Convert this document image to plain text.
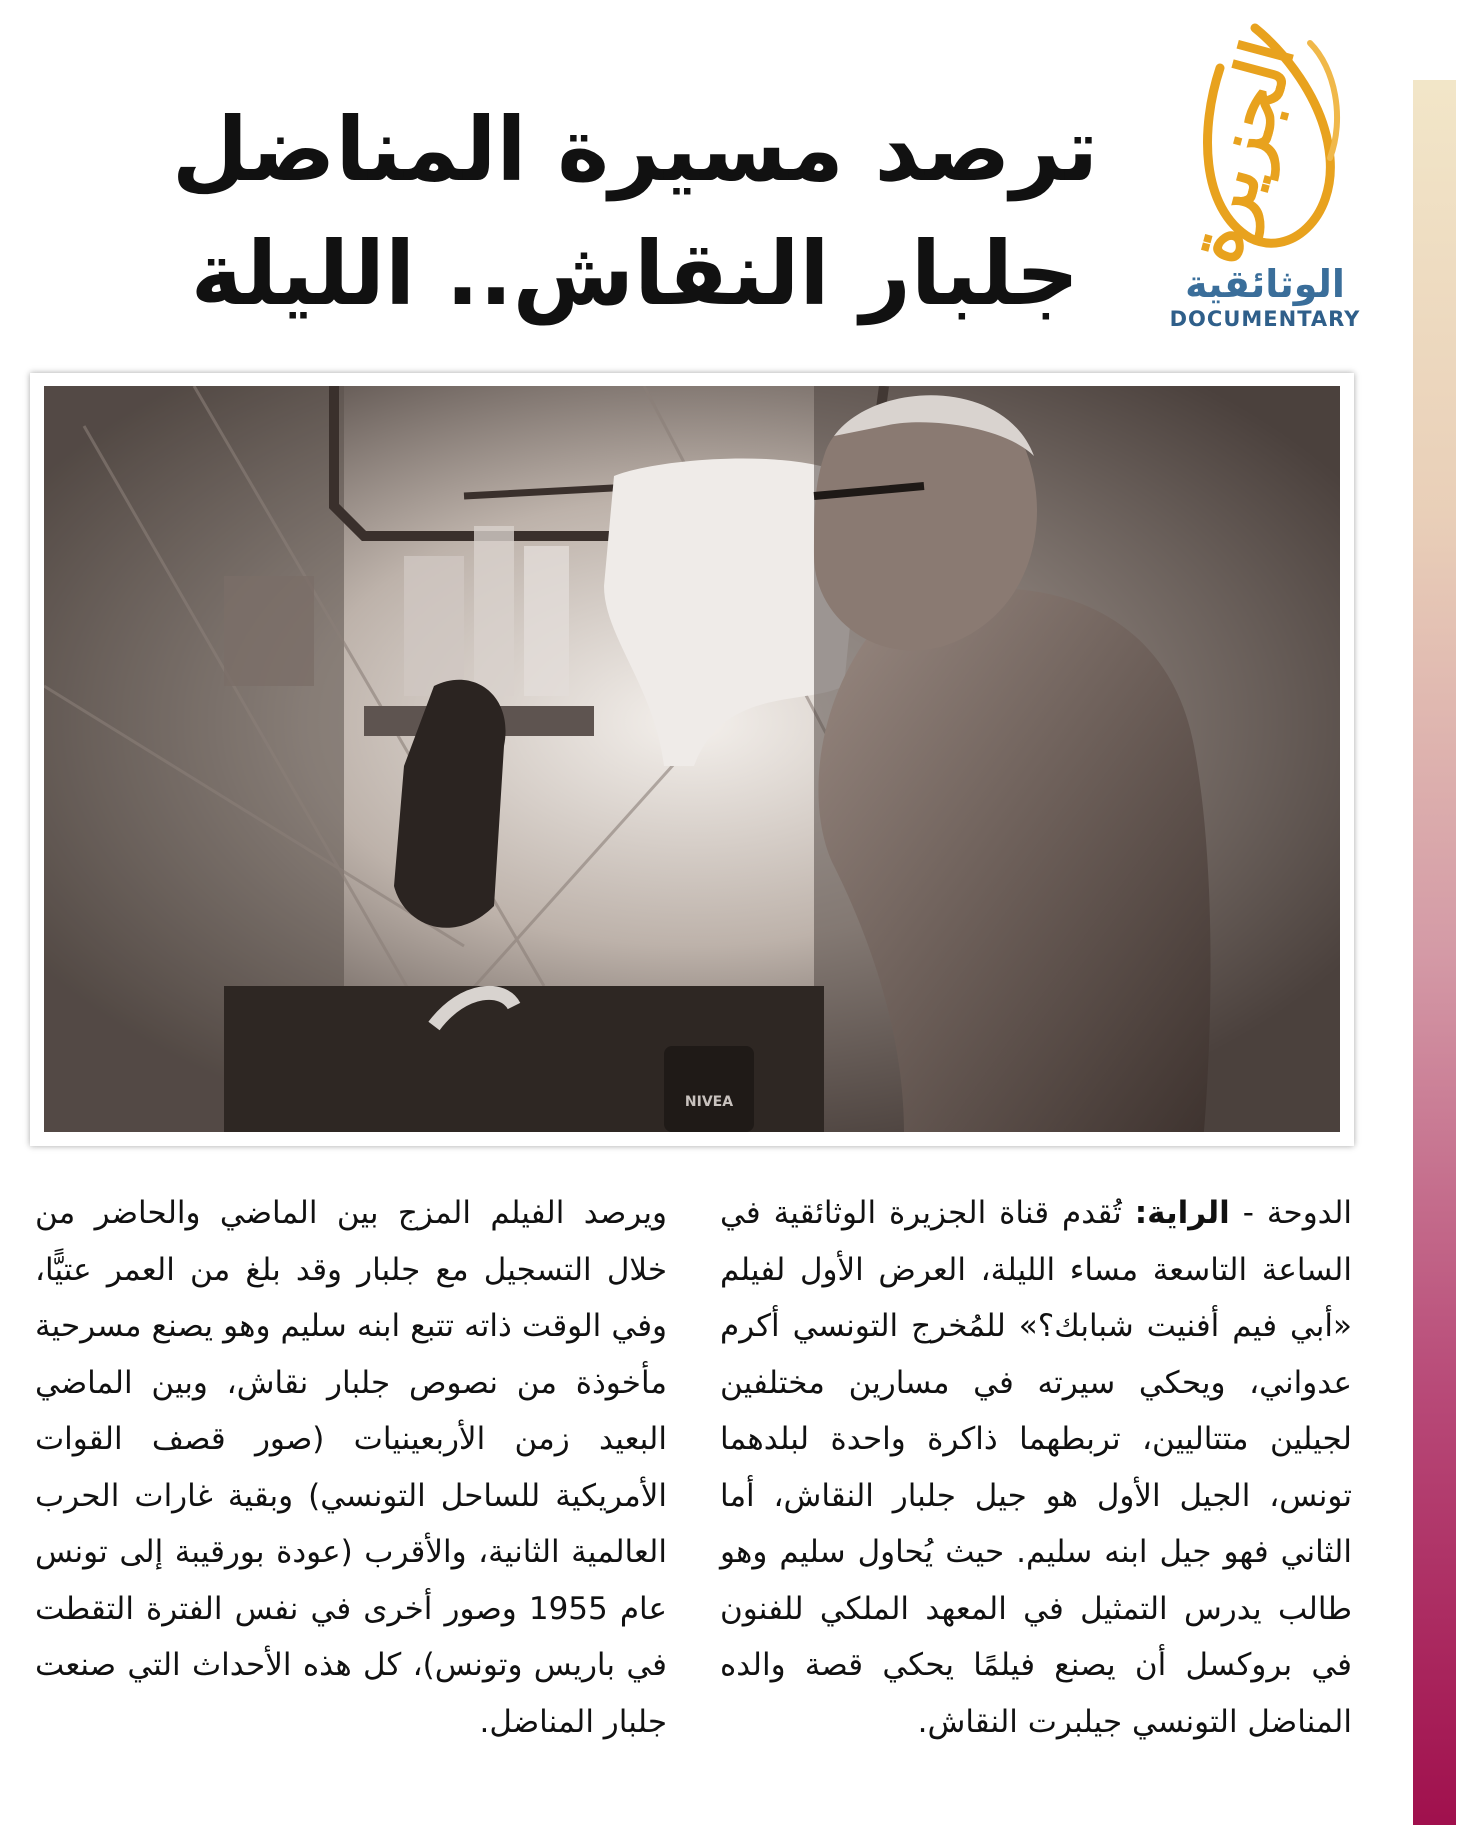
الجزيرة
الوثائقية
DOCUMENTARY
ترصد مسيرة المناضل
جلبار النقاش.. الليلة
NIVEA
الدوحة - الراية: تُقدم قناة الجزيرة الوثائقية في الساعة التاسعة مساء الليلة، العرض الأول لفيلم «أبي فيم أفنيت شبابك؟» للمُخرج التونسي أكرم عدواني، ويحكي سيرته في مسارين مختلفين لجيلين متتاليين، تربطهما ذاكرة واحدة لبلدهما تونس، الجيل الأول هو جيل جلبار النقاش، أما الثاني فهو جيل ابنه سليم. حيث يُحاول سليم وهو طالب يدرس التمثيل في المعهد الملكي للفنون في بروكسل أن يصنع فيلمًا يحكي قصة والده المناضل التونسي جيلبرت النقاش.
ويرصد الفيلم المزج بين الماضي والحاضر من خلال التسجيل مع جلبار وقد بلغ من العمر عتيًّا، وفي الوقت ذاته تتبع ابنه سليم وهو يصنع مسرحية مأخوذة من نصوص جلبار نقاش، وبين الماضي البعيد زمن الأربعينيات (صور قصف القوات الأمريكية للساحل التونسي) وبقية غارات الحرب العالمية الثانية، والأقرب (عودة بورقيبة إلى تونس عام 1955 وصور أخرى في نفس الفترة التقطت في باريس وتونس)، كل هذه الأحداث التي صنعت جلبار المناضل.
